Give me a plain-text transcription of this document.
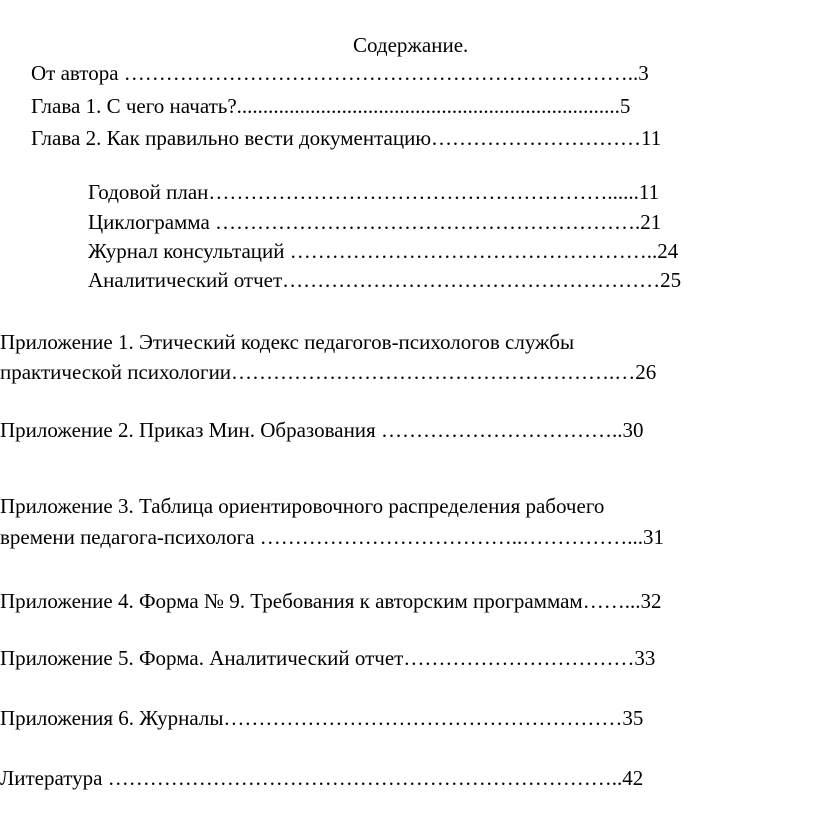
Содержание.
От автора ………………………………………………………………..3
Глава 1. С чего начать?.........................................................................5
Глава 2. Как правильно вести документацию…………………………11
Годовой план…………………………………………………......11
Циклограмма …………………………………………………….21
Журнал консультаций ……………………………………………..24
Аналитический отчет………………………………………………25
Приложение 1. Этический кодекс педагогов-психологов службы
практической психологии……………………………………………….…26
Приложение 2. Приказ Мин. Образования ……………………………..30
Приложение 3. Таблица ориентировочного распределения рабочего
времени педагога-психолога ………………………………..……………...31
Приложение 4. Форма № 9. Требования к авторским программам……...32
Приложение 5. Форма. Аналитический отчет……………………………33
Приложения 6. Журналы…………………………………………………35
Литература ………………………………………………………………..42
